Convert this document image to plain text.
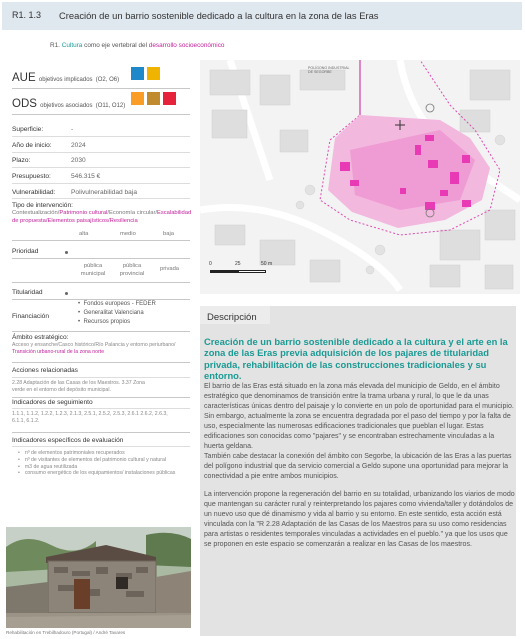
R1. 1.3 Creación de un barrio sostenible dedicado a la cultura en la zona de las Eras
R1. Cultura como eje vertebral del desarrollo socioeconómico
AUE objetivos implicados (O2, O6)
ODS objetivos asociados (O11, O12)
Superficie:	-
Año de inicio:	2024
Plazo:	2030
Presupuesto:	546.315 €
Vulnerabilidad: Polivulnerabilidad baja
Tipo de intervención:
Contextualización/Patrimonio cultural/Economía circular/Escalabilidad de propuesta/Elementos paisajísticos/Resiliencia
alta	medio	baja
Prioridad
pública municipal
pública provincial
privada
Titularidad
Financiación
•  Fondos europeos - FEDER
•  Generalitat Valenciana
•  Recursos propios
Ámbito estratégico:
Acceso y ensanche/Casco histórico/Río Palancia y entorno periurbano/ Transición urbano-rural de la zona norte
Acciones relacionadas
2.28 Adaptación de las Casas de los Maestros. 3.37 Zona verde en el entorno del depósito municipal.
Indicadores de seguimiento
1.1.1, 1.1.2, 1.2.2, 1.2.3, 2.1.3, 2.5.1, 2.5.2, 2.5.3, 2.6.1 2.6.2, 2.6.3, 6.1.1, 6.1.2.
Indicadores específicos de evaluación
• nº de elementos patrimoniales recuperados
• nº de visitantes de elementos del patrimonio cultural y natural
• m3 de agua reutilizada
• consumo energético de los equipamientos/ instalaciones públicas
Rehabilitación en Trebilhadouro (Portugal) / André Tavares
POLÍGONO INDUSTRIAL DE SEGORBE
0	25	50 m
Descripción
Creación de un barrio sostenible dedicado a la cultura y el arte en la zona de las Eras previa adquisición de los pajares de titularidad privada, rehabilitación de las construcciones tradicionales y su entorno.

El barrio de las Eras está situado en la zona más elevada del municipio de Geldo, en el ámbito estratégico que denominamos de transición entre la trama urbana y rural, lo que le da unas características únicas dentro del paisaje y lo convierte en un polo de oportunidad para el municipio. Sin embargo, actualmente la zona se encuentra degradada por el paso del tiempo y por la falta de uso, especialmente las numerosas edificaciones tradicionales que pueblan el lugar. Estas edificaciones son conocidas como "pajares" y se encontraban estrechamente vinculadas a la huerta geldana.

También cabe destacar la conexión del ámbito con Segorbe, la ubicación de las Eras a las puertas del polígono industrial que da servicio comercial a Geldo supone una oportunidad para mejorar la conectividad a pie entre ambos municipios.

La intervención propone la regeneración del barrio en su totalidad, urbanizando los viarios de modo que mantengan su carácter rural y reinterpretando los pajares como vivienda/taller y dotándolos de un nuevo uso que dé dinamismo y vida al barrio y su entorno. En este sentido, esta acción está vinculada con la "R 2.28 Adaptación de las Casas de los Maestros para su uso como residencias para artistas o residentes temporales vinculadas a actividades en el pueblo." ya que los usos que se proponen en este espacio se comenzarán a realizar en las Casas de los maestros.
